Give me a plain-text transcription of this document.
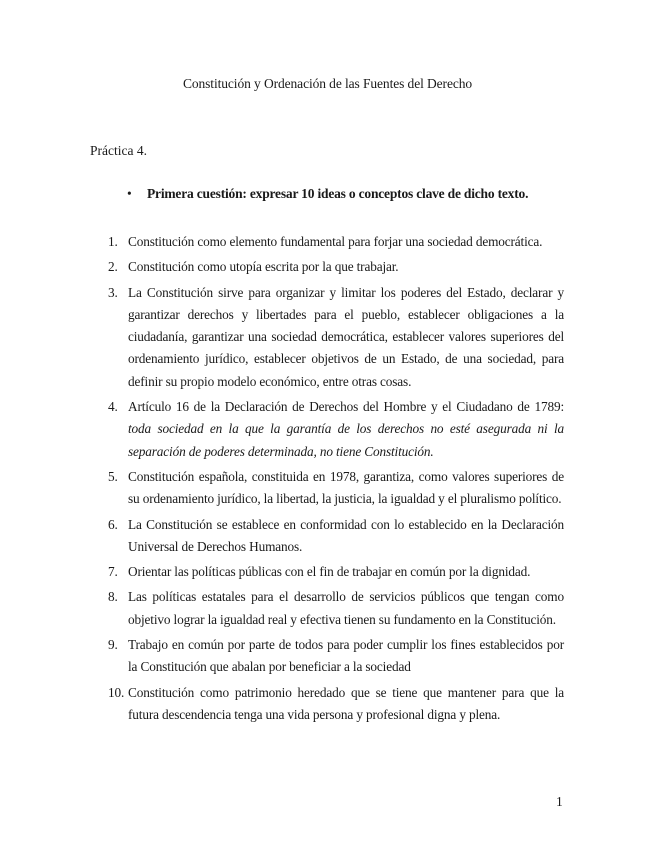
Constitución y Ordenación de las Fuentes del Derecho
Práctica 4.
• Primera cuestión: expresar 10 ideas o conceptos clave de dicho texto.
1. Constitución como elemento fundamental para forjar una sociedad democrática.
2. Constitución como utopía escrita por la que trabajar.
3. La Constitución sirve para organizar y limitar los poderes del Estado, declarar y garantizar derechos y libertades para el pueblo, establecer obligaciones a la ciudadanía, garantizar una sociedad democrática, establecer valores superiores del ordenamiento jurídico, establecer objetivos de un Estado, de una sociedad, para definir su propio modelo económico, entre otras cosas.
4. Artículo 16 de la Declaración de Derechos del Hombre y el Ciudadano de 1789: toda sociedad en la que la garantía de los derechos no esté asegurada ni la separación de poderes determinada, no tiene Constitución.
5. Constitución española, constituida en 1978, garantiza, como valores superiores de su ordenamiento jurídico, la libertad, la justicia, la igualdad y el pluralismo político.
6. La Constitución se establece en conformidad con lo establecido en la Declaración Universal de Derechos Humanos.
7. Orientar las políticas públicas con el fin de trabajar en común por la dignidad.
8. Las políticas estatales para el desarrollo de servicios públicos que tengan como objetivo lograr la igualdad real y efectiva tienen su fundamento en la Constitución.
9. Trabajo en común por parte de todos para poder cumplir los fines establecidos por la Constitución que abalan por beneficiar a la sociedad
10. Constitución como patrimonio heredado que se tiene que mantener para que la futura descendencia tenga una vida persona y profesional digna y plena.
1
